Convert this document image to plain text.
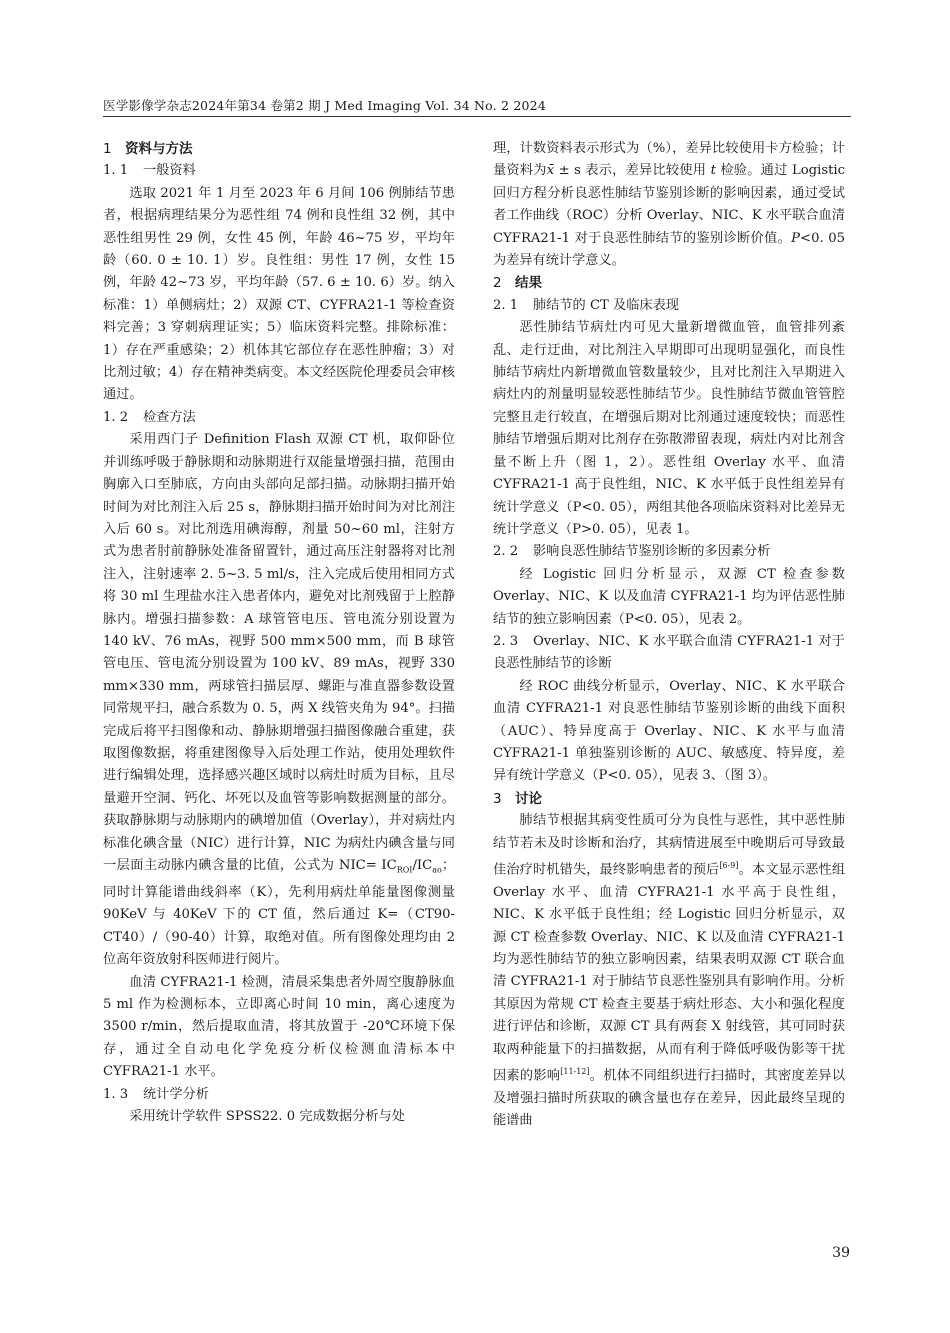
医学影像学杂志2024年第34 卷第2 期 J Med Imaging Vol. 34 No. 2 2024
1 资料与方法
1. 1 一般资料

选取 2021 年 1 月至 2023 年 6 月间 106 例肺结节患者，根据病理结果分为恶性组 74 例和良性组 32 例，其中恶性组男性 29 例，女性 45 例，年龄 46~75 岁，平均年龄（60. 0 ± 10. 1）岁。良性组：男性 17 例，女性 15 例，年龄 42~73 岁，平均年龄（57. 6 ± 10. 6）岁。纳入标准：1）单侧病灶；2）双源 CT、CYFRA21-1 等检查资料完善；3 穿刺病理证实；5）临床资料完整。排除标准：1）存在严重感染；2）机体其它部位存在恶性肿瘤；3）对比剂过敏；4）存在精神类病变。本文经医院伦理委员会审核通过。

1. 2 检查方法

采用西门子 Definition Flash 双源 CT 机，取仰卧位并训练呼吸于静脉期和动脉期进行双能量增强扫描，范围由胸廓入口至肺底，方向由头部向足部扫描。动脉期扫描开始时间为对比剂注入后 25 s，静脉期扫描开始时间为对比剂注入后 60 s。对比剂选用碘海醇，剂量 50~60 ml，注射方式为患者肘前静脉处准备留置针，通过高压注射器将对比剂注入，注射速率 2. 5~3. 5 ml/s，注入完成后使用相同方式将 30 ml 生理盐水注入患者体内，避免对比剂残留于上腔静脉内。增强扫描参数：A 球管管电压、管电流分别设置为 140 kV、76 mAs，视野 500 mm×500 mm，而 B 球管管电压、管电流分别设置为 100 kV、89 mAs，视野 330 mm×330 mm，两球管扫描层厚、螺距与准直器参数设置同常规平扫，融合系数为 0. 5，两 X 线管夹角为 94°。扫描完成后将平扫图像和动、静脉期增强扫描图像融合重建，获取图像数据，将重建图像导入后处理工作站，使用处理软件进行编辑处理，选择感兴趣区域时以病灶时质为目标，且尽量避开空洞、钙化、坏死以及血管等影响数据测量的部分。获取静脉期与动脉期内的碘增加值（Overlay），并对病灶内标准化碘含量（NIC）进行计算，NIC 为病灶内碘含量与同一层面主动脉内碘含量的比值，公式为 $NIC= IC_{ROI}/IC_{ao}$；同时计算能谱曲线斜率（K），先利用病灶单能量图像测量 90KeV 与 40KeV 下的 CT 值，然后通过 K=（CT90-CT40）/（90-40）计算，取绝对值。所有图像处理均由 2 位高年资放射科医师进行阅片。

血清 CYFRA21-1 检测，清晨采集患者外周空腹静脉血 5 ml 作为检测标本，立即离心时间 10 min，离心速度为 3500 r/min，然后提取血清，将其放置于 -20℃环境下保存，通过全自动电化学免疫分析仪检测血清标本中 CYFRA21-1 水平。

1. 3 统计学分析

采用统计学软件 SPSS22. 0 完成数据分析与处

理，计数资料表示形式为（%），差异比较使用卡方检验；计量资料为x̄ ± s 表示，差异比较使用 t 检验。通过 Logistic 回归方程分析良恶性肺结节鉴别诊断的影响因素，通过受试者工作曲线（ROC）分析 Overlay、NIC、K 水平联合血清 CYFRA21-1 对于良恶性肺结节的鉴别诊断价值。P<0. 05 为差异有统计学意义。

2 结果
2. 1 肺结节的 CT 及临床表现

恶性肺结节病灶内可见大量新增微血管，血管排列紊乱、走行迂曲，对比剂注入早期即可出现明显强化，而良性肺结节病灶内新增微血管数量较少，且对比剂注入早期进入病灶内的剂量明显较恶性肺结节少。良性肺结节微血管管腔完整且走行较直，在增强后期对比剂通过速度较快；而恶性肺结节增强后期对比剂存在弥散滞留表现，病灶内对比剂含量不断上升（图 1，2）。恶性组 Overlay 水平、血清 CYFRA21-1 高于良性组，NIC、K 水平低于良性组差异有统计学意义（P<0. 05），两组其他各项临床资料对比差异无统计学意义（P>0. 05），见表 1。

2. 2 影响良恶性肺结节鉴别诊断的多因素分析

经 Logistic 回归分析显示，双源 CT 检查参数 Overlay、NIC、K 以及血清 CYFRA21-1 均为评估恶性肺结节的独立影响因素（P<0. 05），见表 2。

2. 3 Overlay、NIC、K 水平联合血清 CYFRA21-1 对于良恶性肺结节的诊断

经 ROC 曲线分析显示，Overlay、NIC、K 水平联合血清 CYFRA21-1 对良恶性肺结节鉴别诊断的曲线下面积（AUC）、特异度高于 Overlay、NIC、K 水平与血清 CYFRA21-1 单独鉴别诊断的 AUC、敏感度、特异度，差异有统计学意义（P<0. 05），见表 3、（图 3）。

3 讨论

肺结节根据其病变性质可分为良性与恶性，其中恶性肺结节若未及时诊断和治疗，其病情进展至中晚期后可导致最佳治疗时机错失，最终影响患者的预后[6-9]。本文显示恶性组 Overlay 水平、血清 CYFRA21-1 水平高于良性组，NIC、K 水平低于良性组；经 Logistic 回归分析显示，双源 CT 检查参数 Overlay、NIC、K 以及血清 CYFRA21-1 均为恶性肺结节的独立影响因素，结果表明双源 CT 联合血清 CYFRA21-1 对于肺结节良恶性鉴别具有影响作用。分析其原因为常规 CT 检查主要基于病灶形态、大小和强化程度进行评估和诊断，双源 CT 具有两套 X 射线管，其可同时获取两种能量下的扫描数据，从而有利于降低呼吸伪影等干扰因素的影响[11-12]。机体不同组织进行扫描时，其密度差异以及增强扫描时所获取的碘含量也存在差异，因此最终呈现的能谱曲

39
